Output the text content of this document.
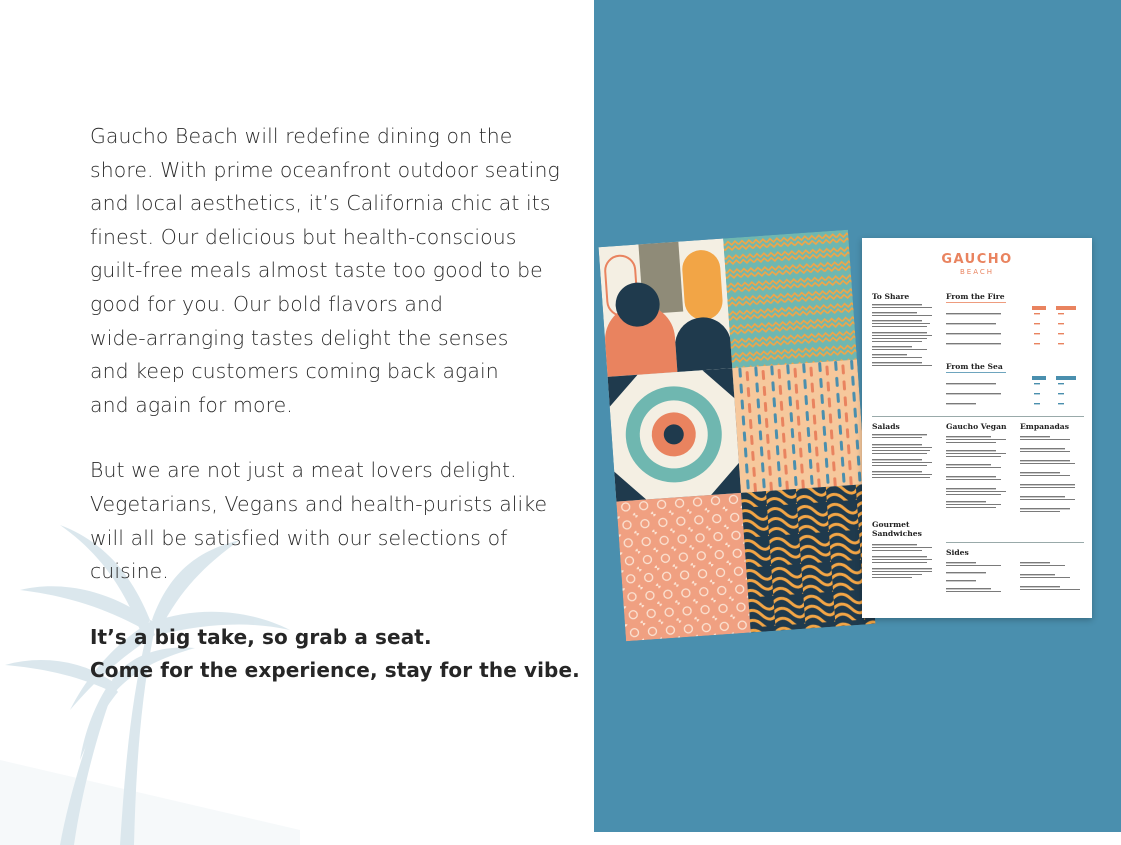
Gaucho Beach will redefine dining on the
shore. With prime oceanfront outdoor seating
and local aesthetics, it’s California chic at its
finest. Our delicious but health-conscious
guilt-free meals almost taste too good to be
good for you. Our bold flavors and
wide-arranging tastes delight the senses
and keep customers coming back again
and again for more.

But we are not just a meat lovers delight.
Vegetarians, Vegans and health-purists alike
will all be satisfied with our selections of
cuisine.

It’s a big take, so grab a seat.
Come for the experience, stay for the vibe.

GAUCHO
BEACH
To Share	From the Fire
From the Sea
Salads	Gaucho Vegan Empanadas
Gourmet
Sandwiches
Sides
